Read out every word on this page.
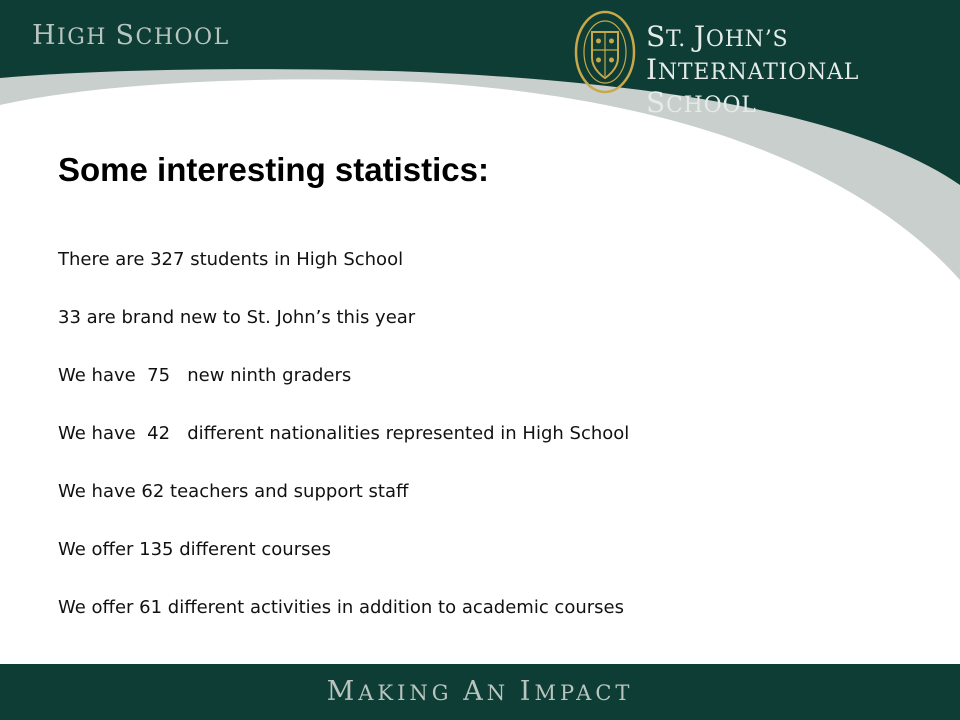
HIGH SCHOOL	ST. JOHN’S
INTERNATIONAL SCHOOL
Some interesting statistics:
There are 327 students in High School
33 are brand new to St. John’s this year
We have  75   new ninth graders
We have  42   different nationalities represented in High School
We have 62 teachers and support staff
We offer 135 different courses
We offer 61 different activities in addition to academic courses
MAKING AN IMPACT
